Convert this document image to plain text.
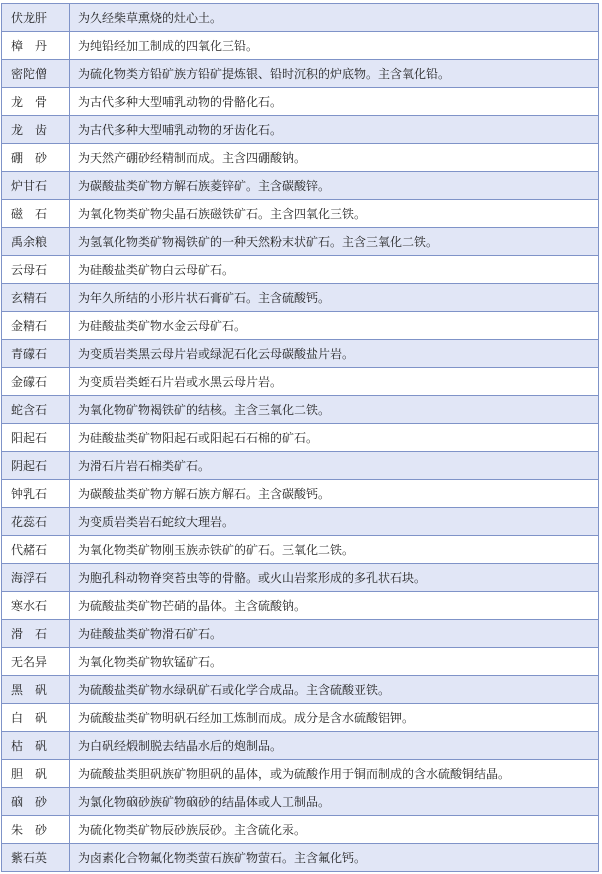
伏龙肝	为久经柴草熏烧的灶心土。
樟　丹	为纯铅经加工制成的四氧化三铅。
密陀僧	为硫化物类方铅矿族方铅矿提炼银、铅时沉积的炉底物。主含氧化铅。
龙　骨	为古代多种大型哺乳动物的骨骼化石。
龙　齿	为古代多种大型哺乳动物的牙齿化石。
硼　砂	为天然产硼砂经精制而成。主含四硼酸钠。
炉甘石	为碳酸盐类矿物方解石族菱锌矿。主含碳酸锌。
磁　石	为氧化物类矿物尖晶石族磁铁矿石。主含四氧化三铁。
禹余粮	为氢氧化物类矿物褐铁矿的一种天然粉末状矿石。主含三氧化二铁。
云母石	为硅酸盐类矿物白云母矿石。
玄精石	为年久所结的小形片状石膏矿石。主含硫酸钙。
金精石	为硅酸盐类矿物水金云母矿石。
青礞石	为变质岩类黑云母片岩或绿泥石化云母碳酸盐片岩。
金礞石	为变质岩类蛭石片岩或水黑云母片岩。
蛇含石	为氧化物矿物褐铁矿的结核。主含三氧化二铁。
阳起石	为硅酸盐类矿物阳起石或阳起石石棉的矿石。
阴起石	为滑石片岩石棉类矿石。
钟乳石	为碳酸盐类矿物方解石族方解石。主含碳酸钙。
花蕊石	为变质岩类岩石蛇纹大理岩。
代赭石	为氧化物类矿物刚玉族赤铁矿的矿石。三氧化二铁。
海浮石	为胞孔科动物脊突苔虫等的骨骼。或火山岩浆形成的多孔状石块。
寒水石	为硫酸盐类矿物芒硝的晶体。主含硫酸钠。
滑　石	为硅酸盐类矿物滑石矿石。
无名异	为氧化物类矿物软锰矿石。
黑　矾	为硫酸盐类矿物水绿矾矿石或化学合成品。主含硫酸亚铁。
白　矾	为硫酸盐类矿物明矾石经加工炼制而成。成分是含水硫酸铝钾。
枯　矾	为白矾经煅制脱去结晶水后的炮制品。
胆　矾	为硫酸盐类胆矾族矿物胆矾的晶体，或为硫酸作用于铜而制成的含水硫酸铜结晶。
硇　砂	为氯化物硇砂族矿物硇砂的结晶体或人工制品。
朱　砂	为硫化物类矿物辰砂族辰砂。主含硫化汞。
紫石英	为卤素化合物氟化物类萤石族矿物萤石。主含氟化钙。
